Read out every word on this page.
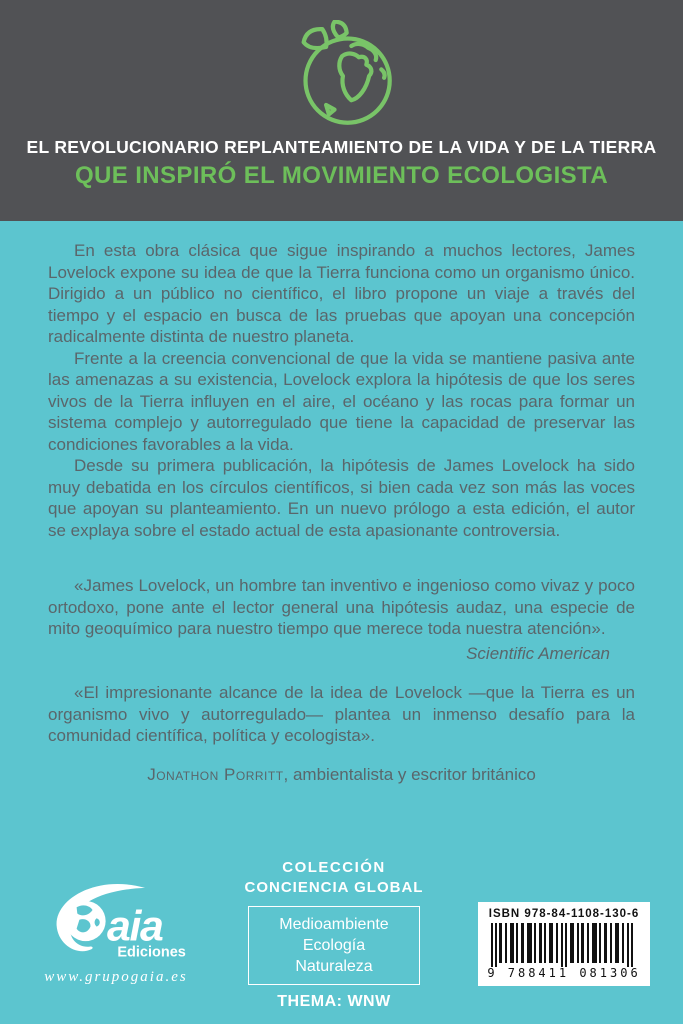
EL REVOLUCIONARIO REPLANTEAMIENTO DE LA VIDA Y DE LA TIERRA
QUE INSPIRÓ EL MOVIMIENTO ECOLOGISTA

En esta obra clásica que sigue inspirando a muchos lectores, James Lovelock expone su idea de que la Tierra funciona como un organismo único. Dirigido a un público no científico, el libro propone un viaje a través del tiempo y el espacio en busca de las pruebas que apoyan una concepción radicalmente distinta de nuestro planeta.

Frente a la creencia convencional de que la vida se mantiene pasiva ante las amenazas a su existencia, Lovelock explora la hipótesis de que los seres vivos de la Tierra influyen en el aire, el océano y las rocas para formar un sistema complejo y autorregulado que tiene la capacidad de preservar las condiciones favorables a la vida.

Desde su primera publicación, la hipótesis de James Lovelock ha sido muy debatida en los círculos científicos, si bien cada vez son más las voces que apoyan su planteamiento. En un nuevo prólogo a esta edición, el autor se explaya sobre el estado actual de esta apasionante controversia.

«James Lovelock, un hombre tan inventivo e ingenioso como vivaz y poco ortodoxo, pone ante el lector general una hipótesis audaz, una especie de mito geoquímico para nuestro tiempo que merece toda nuestra atención».

Scientific American

«El impresionante alcance de la idea de Lovelock —que la Tierra es un organismo vivo y autorregulado— plantea un inmenso desafío para la comunidad científica, política y ecologista».

Jonathon Porritt, ambientalista y escritor británico
aia
Ediciones
www.grupogaia.es
COLECCIÓN
CONCIENCIA GLOBAL
Medioambiente
Ecología
Naturaleza
THEMA: WNW
ISBN 978-84-1108-130-6
9 788411 081306
